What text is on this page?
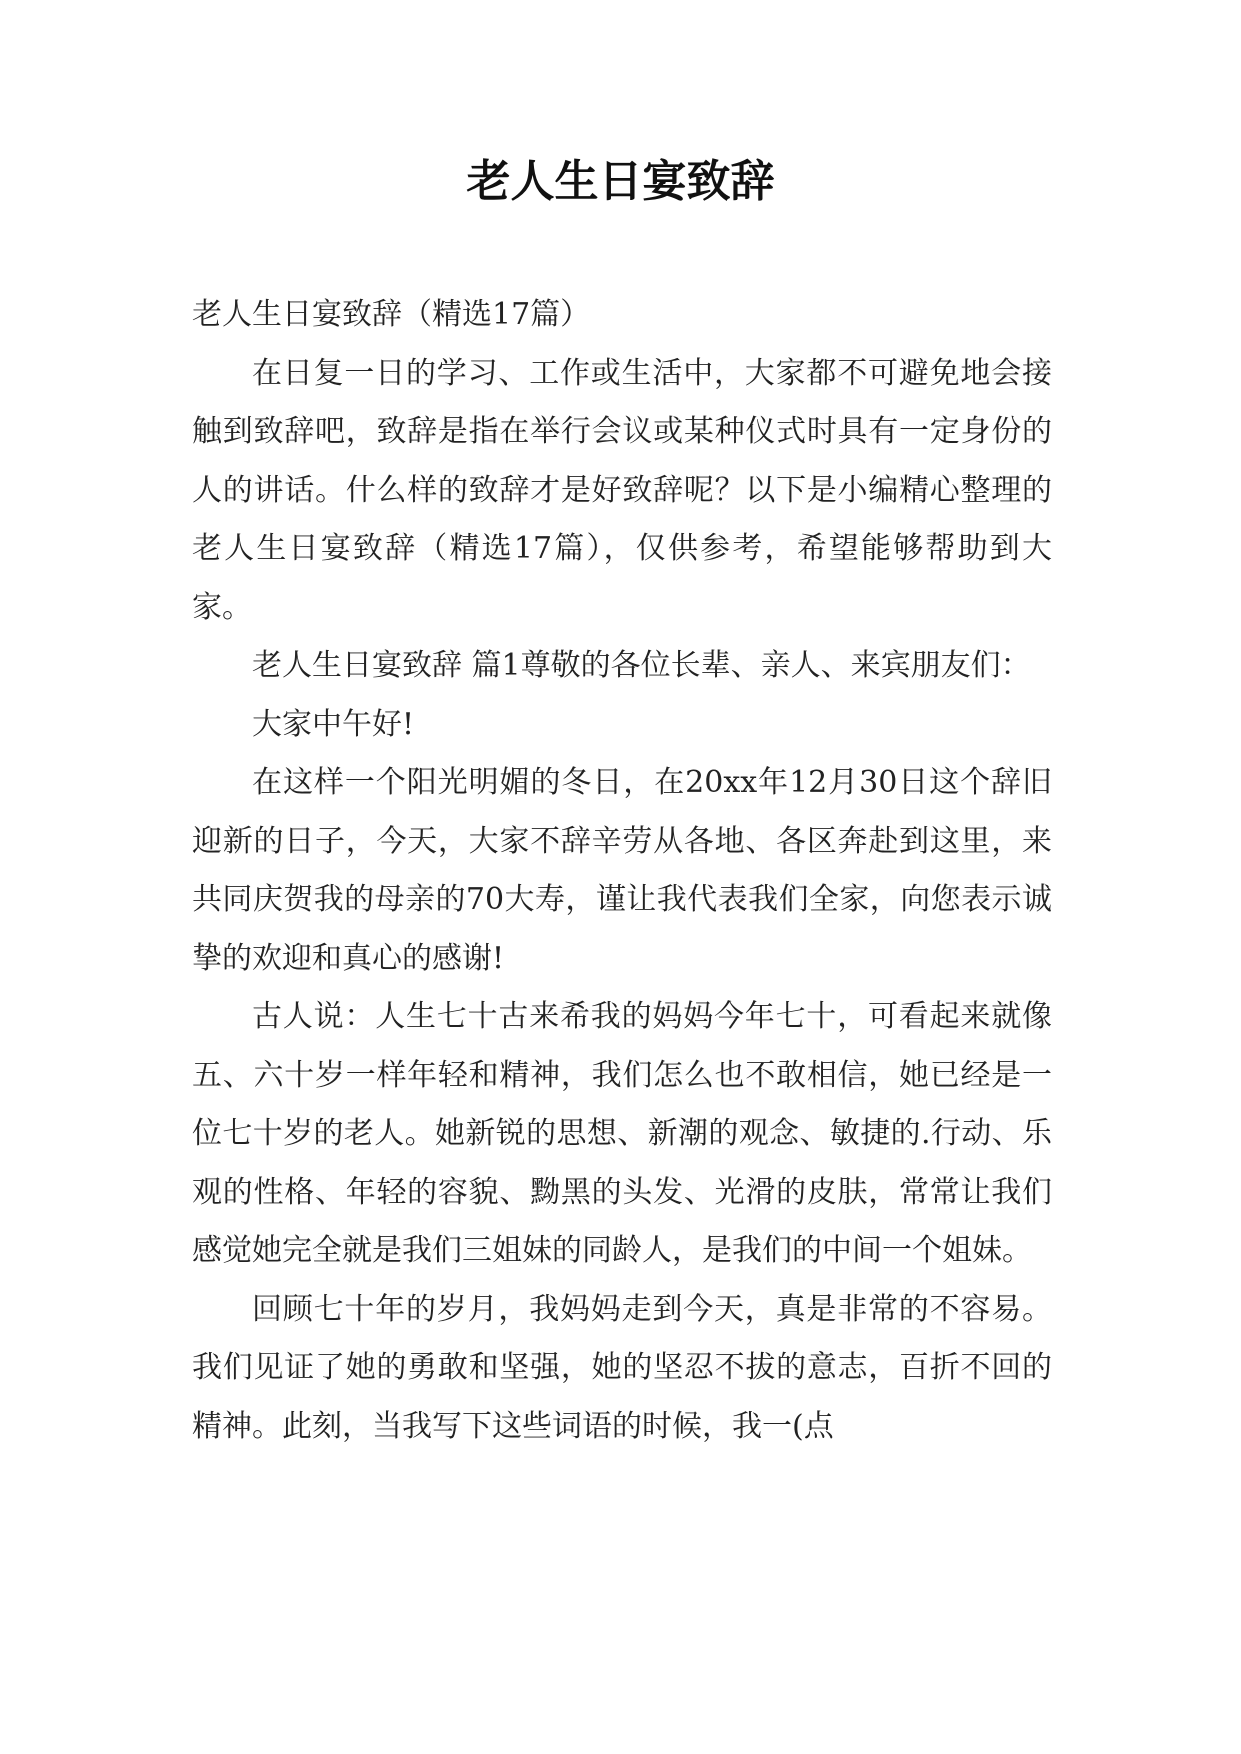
老人生日宴致辞

老人生日宴致辞（精选17篇）

在日复一日的学习、工作或生活中，大家都不可避免地会接触到致辞吧，致辞是指在举行会议或某种仪式时具有一定身份的人的讲话。什么样的致辞才是好致辞呢？以下是小编精心整理的老人生日宴致辞（精选17篇），仅供参考，希望能够帮助到大家。

老人生日宴致辞 篇1尊敬的各位长辈、亲人、来宾朋友们：

大家中午好!

在这样一个阳光明媚的冬日，在20xx年12月30日这个辞旧迎新的日子，今天，大家不辞辛劳从各地、各区奔赴到这里，来共同庆贺我的母亲的70大寿，谨让我代表我们全家，向您表示诚挚的欢迎和真心的感谢!

古人说：人生七十古来希我的妈妈今年七十，可看起来就像五、六十岁一样年轻和精神，我们怎么也不敢相信，她已经是一位七十岁的老人。她新锐的思想、新潮的观念、敏捷的.行动、乐观的性格、年轻的容貌、黝黑的头发、光滑的皮肤，常常让我们感觉她完全就是我们三姐妹的同龄人，是我们的中间一个姐妹。

回顾七十年的岁月，我妈妈走到今天，真是非常的不容易。我们见证了她的勇敢和坚强，她的坚忍不拔的意志，百折不回的精神。此刻，当我写下这些词语的时候，我一(点
